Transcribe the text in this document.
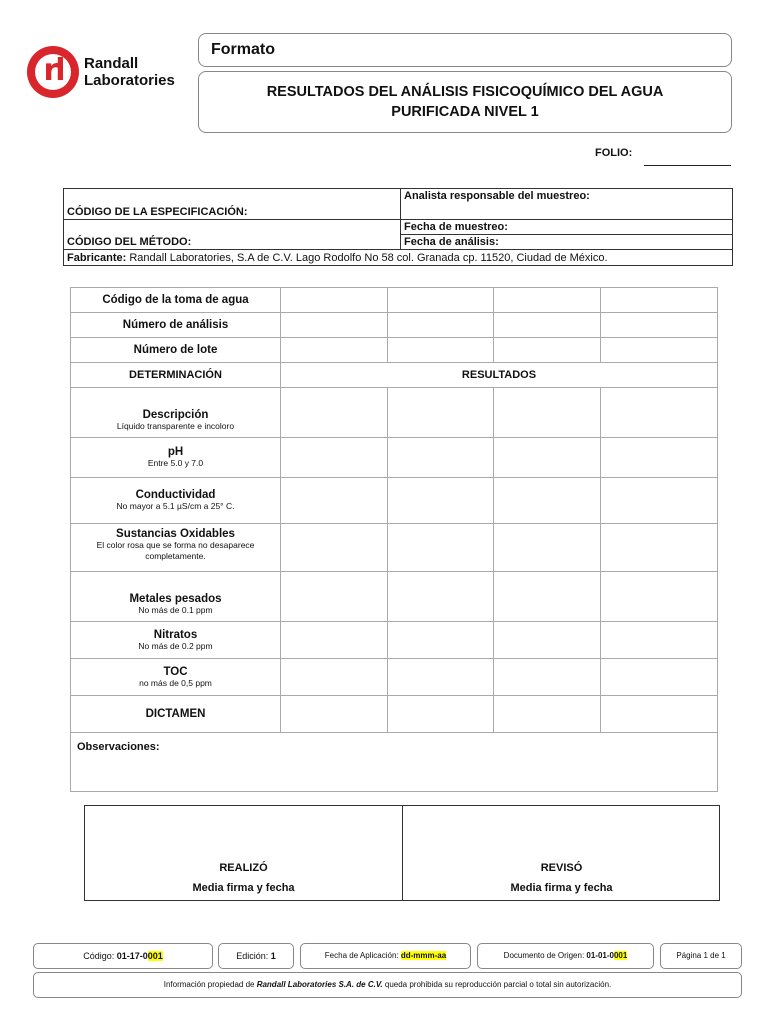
rl	Randall
Laboratories
Formato
RESULTADOS DEL ANÁLISIS FISICOQUÍMICO DEL AGUA
PURIFICADA NIVEL 1
FOLIO:
CÓDIGO DE LA ESPECIFICACIÓN:	Analista responsable del muestreo:

CÓDIGO DEL MÉTODO:	Fecha de muestreo:
	Fecha de análisis:
Fabricante: Randall Laboratories, S.A de C.V. Lago Rodolfo No 58 col. Granada cp. 11520, Ciudad de México.	
Código de la toma de agua				
Número de análisis				
Número de lote				
DETERMINACIÓN	RESULTADOS			

Descripción
Líquido transparente e incoloro				

pH
Entre 5.0 y 7.0				

Conductividad
No mayor a 5.1 µS/cm a 25° C.				

Sustancias Oxidables
El color rosa que se forma no desaparece completamente.				

Metales pesados
No más de 0.1 ppm				

Nitratos
No más de 0.2 ppm				

TOC
no más de 0,5 ppm				

DICTAMEN				
Observaciones:				
REALIZÓ
Media firma y fecha
REVISÓ
Media firma y fecha
Código: 01-17-0001	Edición: 1	Fecha de Aplicación: dd-mmm-aa	Documento de Origen: 01-01-0001	Página 1 de 1
Información propiedad de Randall Laboratories S.A. de C.V. queda prohibida su reproducción parcial o total sin autorización.
